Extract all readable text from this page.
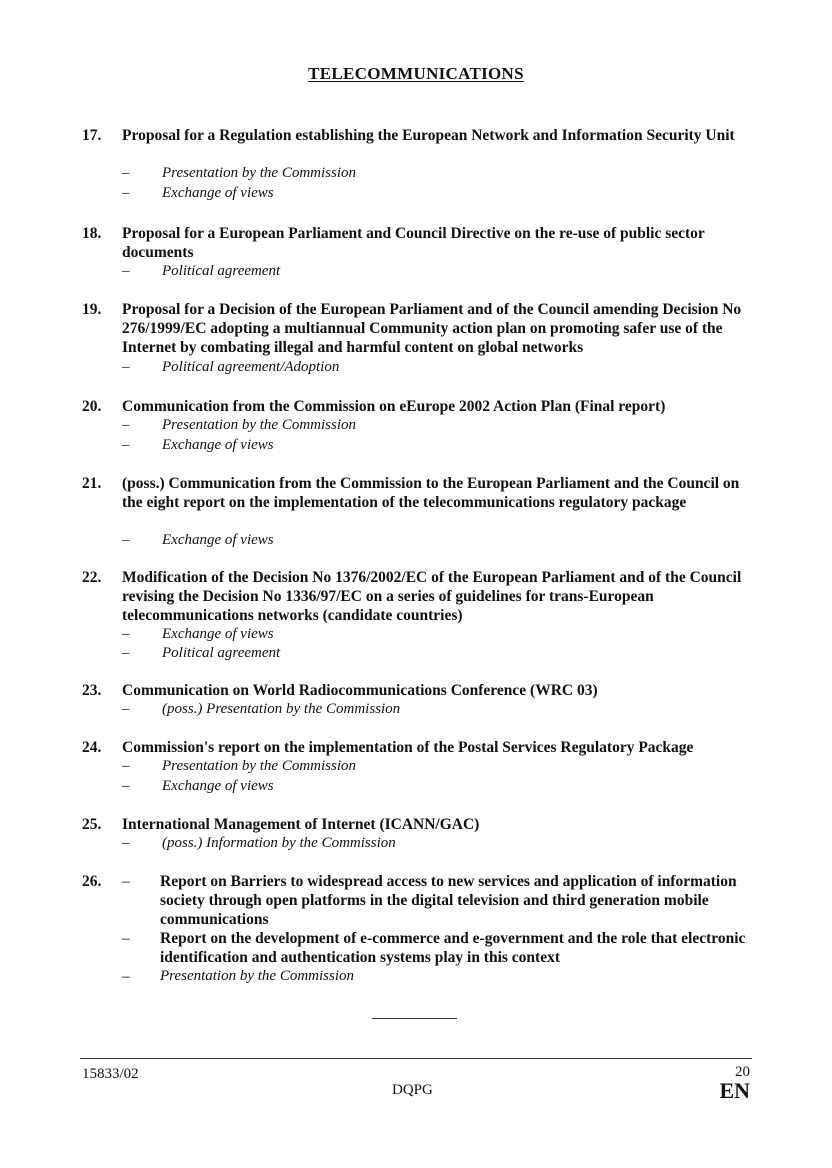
TELECOMMUNICATIONS
17. Proposal for a Regulation establishing the European Network and Information Security Unit
– Presentation by the Commission
– Exchange of views
18. Proposal for a European Parliament and Council Directive on the re-use of public sector documents
– Political agreement
19. Proposal for a Decision of the European Parliament and of the Council amending Decision No 276/1999/EC adopting a multiannual Community action plan on promoting safer use of the Internet by combating illegal and harmful content on global networks
– Political agreement/Adoption
20. Communication from the Commission on eEurope 2002 Action Plan (Final report)
– Presentation by the Commission
– Exchange of views
21. (poss.) Communication from the Commission to the European Parliament and the Council on the eight report on the implementation of the telecommunications regulatory package
– Exchange of views
22. Modification of the Decision No 1376/2002/EC of the European Parliament and of the Council revising the Decision No 1336/97/EC on a series of guidelines for trans-European telecommunications networks (candidate countries)
– Exchange of views
– Political agreement
23. Communication on World Radiocommunications Conference (WRC 03)
– (poss.) Presentation by the Commission
24. Commission's report on the implementation of the Postal Services Regulatory Package
– Presentation by the Commission
– Exchange of views
25. International Management of Internet (ICANN/GAC)
– (poss.) Information by the Commission
26. – Report on Barriers to widespread access to new services and application of information society through open platforms in the digital television and third generation mobile communications
– Report on the development of e-commerce and e-government and the role that electronic identification and authentication systems play in this context
– Presentation by the Commission
15833/02	20
DQPG	EN
